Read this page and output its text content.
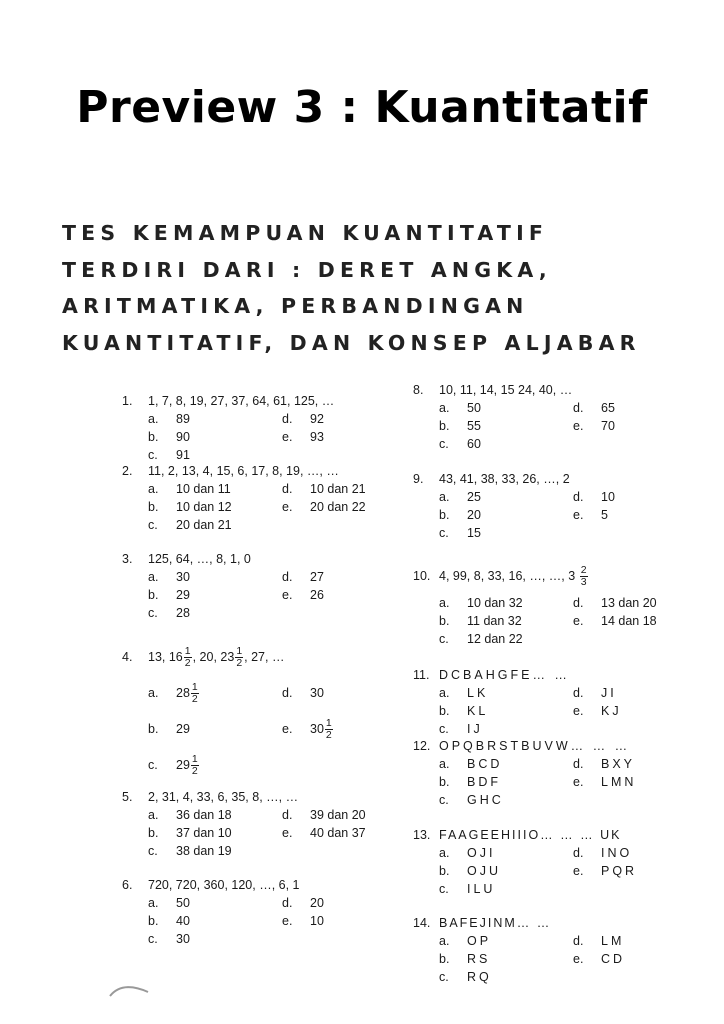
Preview 3 : Kuantitatif
TES KEMAMPUAN KUANTITATIF
TERDIRI DARI : DERET ANGKA,
ARITMATIKA, PERBANDINGAN
KUANTITATIF, DAN KONSEP ALJABAR
1.	1, 7, 8, 19, 27, 37, 64, 61, 125, …
a.	89	d.	92
b.	90	e.	93
c.	91
2.	11, 2, 13, 4, 15, 6, 17, 8, 19, …, …
a.	10 dan 11	d.	10 dan 21
b.	10 dan 12	e.	20 dan 22
c.	20 dan 21
3.	125, 64, …, 8, 1, 0
a.	30	d.	27
b.	29	e.	26
c.	28
4.	13, $16 \frac{1}{2}$ , 20, $23 \frac{1}{2}$ , 27, …
a.	$28 \frac{1}{2}$	d.	30
b.	29	e.	$30 \frac{1}{2}$
c.	$29 \frac{1}{2}$
5.	2, 31, 4, 33, 6, 35, 8, …, …
a.	36 dan 18	d.	39 dan 20
b.	37 dan 10	e.	40 dan 37
c.	38 dan 19
6.	720, 720, 360, 120, …, 6, 1
a.	50	d.	20
b.	40	e.	10
c.	30
8.	10, 11, 14, 15 24, 40, …
a.	50	d.	65
b.	55	e.	70
c.	60
9.	43, 41, 38, 33, 26, …, 2
a.	25	d.	10
b.	20	e.	5
c.	15
10. 4, 99, 8, 33, 16, …, …, $3 \frac{2}{3}$
a.	10 dan 32	d.	13 dan 20
b.	11 dan 32	e.	14 dan 18
c.	12 dan 22
11. DCBAHGFE… …
a.	LK	d.	JI
b.	KL	e.	KJ
c.	IJ
12. OPQBRSTBUVW… … …
a.	BCD	d.	BXY
b.	BDF	e.	LMN
c.	GHC
13. FAAGEEHIIIO… … … UK
a.	OJI	d.	INO
b.	OJU	e.	PQR
c.	ILU
14. BAFEJINM… …
a.	OP	d.	LM
b.	RS	e.	CD
c.	RQ
